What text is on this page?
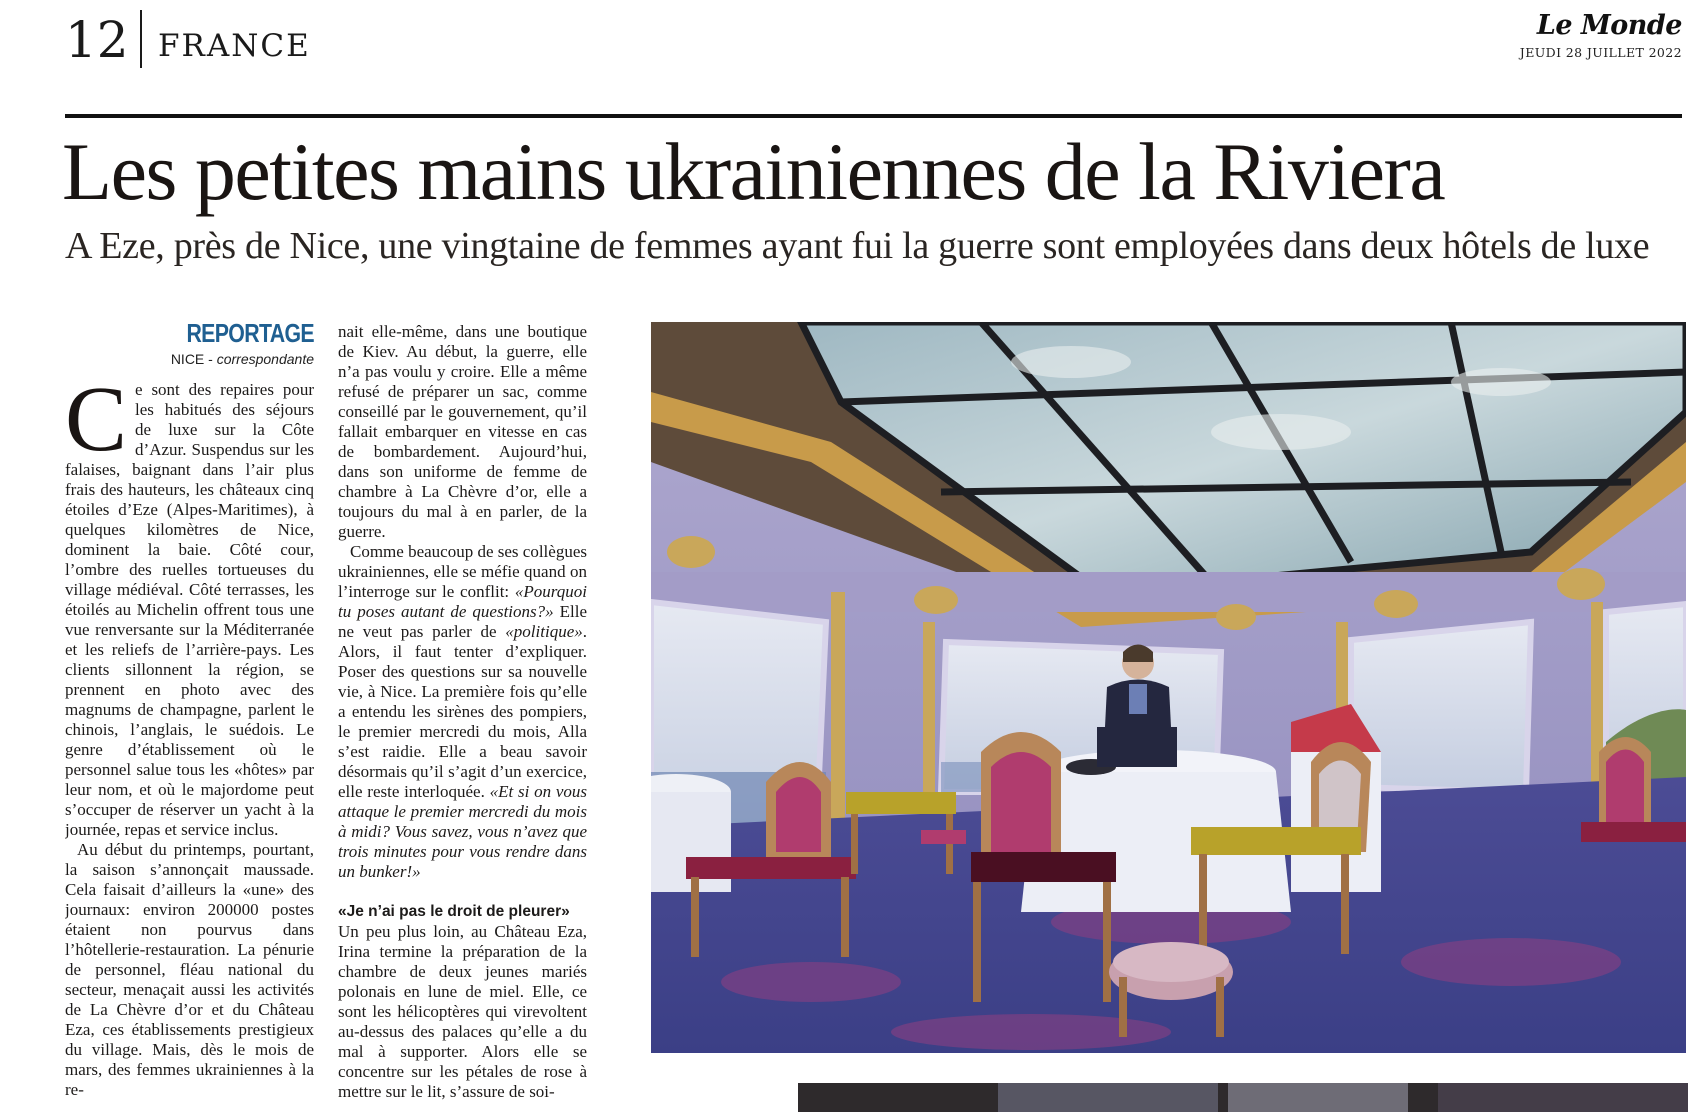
12 FRANCE
Le Monde
JEUDI 28 JUILLET 2022
Les petites mains ukrainiennes de la Riviera
A Eze, près de Nice, une vingtaine de femmes ayant fui la guerre sont employées dans deux hôtels de luxe
REPORTAGE
NICE - correspondante

Ce sont des repaires pour les habitués des séjours de luxe sur la Côte d’Azur. Suspendus sur les falaises, baignant dans l’air plus frais des hauteurs, les châteaux cinq étoiles d’Eze (Alpes-Maritimes), à quelques kilomètres de Nice, dominent la baie. Côté cour, l’ombre des ruelles tortueuses du village médiéval. Côté terrasses, les étoilés au Michelin offrent tous une vue renversante sur la Méditerranée et les reliefs de l’arrière-pays. Les clients sillonnent la région, se prennent en photo avec des magnums de champagne, parlent le chinois, l’anglais, le suédois. Le genre d’établissement où le personnel salue tous les «hôtes» par leur nom, et où le majordome peut s’occuper de réserver un yacht à la journée, repas et service inclus.

Au début du printemps, pourtant, la saison s’annonçait maussade. Cela faisait d’ailleurs la «une» des journaux: environ 200000 postes étaient non pourvus dans l’hôtellerie-restauration. La pénurie de personnel, fléau national du secteur, menaçait aussi les activités de La Chèvre d’or et du Château Eza, ces établissements prestigieux du village. Mais, dès le mois de mars, des femmes ukrainiennes à la re-

nait elle-même, dans une boutique de Kiev. Au début, la guerre, elle n’a pas voulu y croire. Elle a même refusé de préparer un sac, comme conseillé par le gouvernement, qu’il fallait embarquer en vitesse en cas de bombardement. Aujourd’hui, dans son uniforme de femme de chambre à La Chèvre d’or, elle a toujours du mal à en parler, de la guerre.

Comme beaucoup de ses collègues ukrainiennes, elle se méfie quand on l’interroge sur le conflit: «Pourquoi tu poses autant de questions?» Elle ne veut pas parler de «politique». Alors, il faut tenter d’expliquer. Poser des questions sur sa nouvelle vie, à Nice. La première fois qu’elle a entendu les sirènes des pompiers, le premier mercredi du mois, Alla s’est raidie. Elle a beau savoir désormais qu’il s’agit d’un exercice, elle reste interloquée. «Et si on vous attaque le premier mercredi du mois à midi? Vous savez, vous n’avez que trois minutes pour vous rendre dans un bunker!»

«Je n’ai pas le droit de pleurer»

Un peu plus loin, au Château Eza, Irina termine la préparation de la chambre de deux jeunes mariés polonais en lune de miel. Elle, ce sont les hélicoptères qui virevoltent au-dessus des palaces qu’elle a du mal à supporter. Alors elle se concentre sur les pétales de rose à mettre sur le lit, s’assure de soi-
